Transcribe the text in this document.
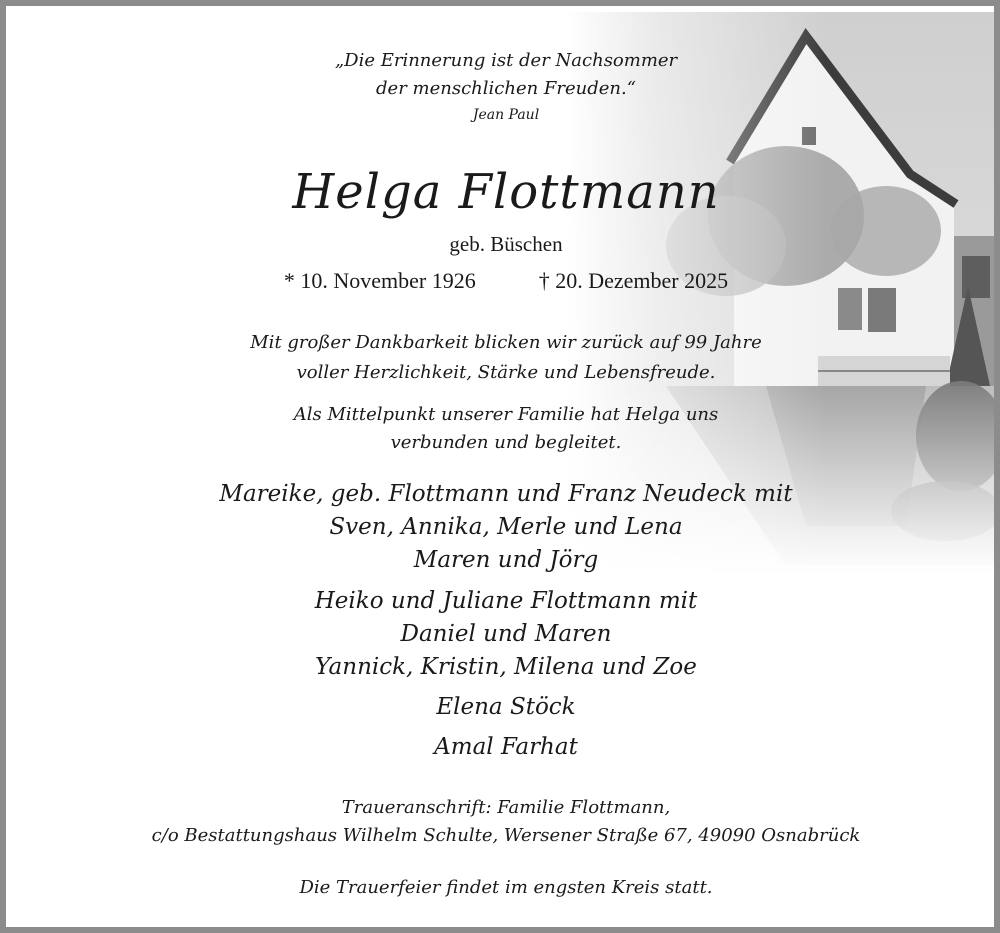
„Die Erinnerung ist der Nachsommer
der menschlichen Freuden.“
Jean Paul
Helga Flottmann
geb. Büschen
* 10. November 1926	† 20. Dezember 2025
Mit großer Dankbarkeit blicken wir zurück auf 99 Jahre
voller Herzlichkeit, Stärke und Lebensfreude.
Als Mittelpunkt unserer Familie hat Helga uns
verbunden und begleitet.
Mareike, geb. Flottmann und Franz Neudeck mit
Sven, Annika, Merle und Lena
Maren und Jörg
Heiko und Juliane Flottmann mit
Daniel und Maren
Yannick, Kristin, Milena und Zoe
Elena Stöck
Amal Farhat
Traueranschrift: Familie Flottmann,
c/o Bestattungshaus Wilhelm Schulte, Wersener Straße 67, 49090 Osnabrück
Die Trauerfeier findet im engsten Kreis statt.
